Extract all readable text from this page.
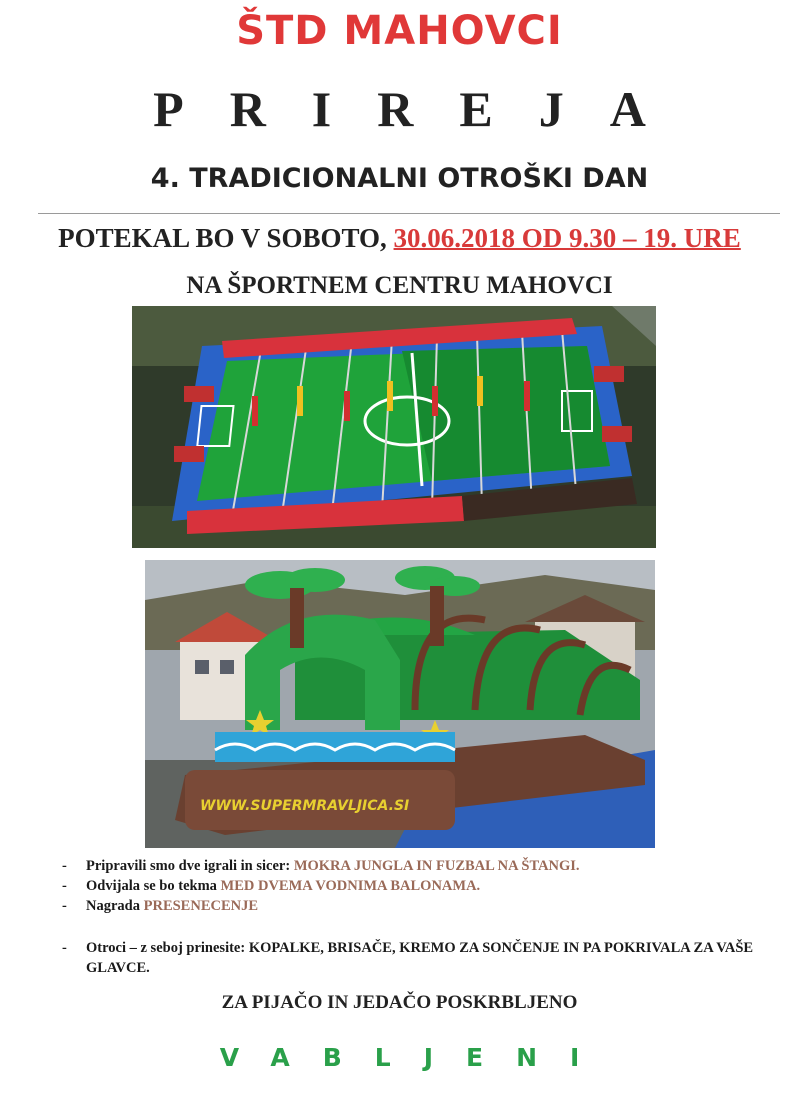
ŠTD MAHOVCI
PRIREJA
4. TRADICIONALNI OTROŠKI DAN
POTEKAL BO V SOBOTO, 30.06.2018 OD 9.30 – 19. URE
NA ŠPORTNEM CENTRU MAHOVCI
WWW.SUPERMRAVLJICA.SI
- Pripravili smo dve igrali in sicer: MOKRA JUNGLA IN FUZBAL NA ŠTANGI.
- Odvijala se bo tekma MED DVEMA VODNIMA BALONAMA.
- Nagrada PRESENECENJE
- Otroci – z seboj prinesite: KOPALKE, BRISAČE, KREMO ZA SONČENJE IN PA POKRIVALA ZA VAŠE GLAVCE.
ZA PIJAČO IN JEDAČO POSKRBLJENO
VABLJENI
